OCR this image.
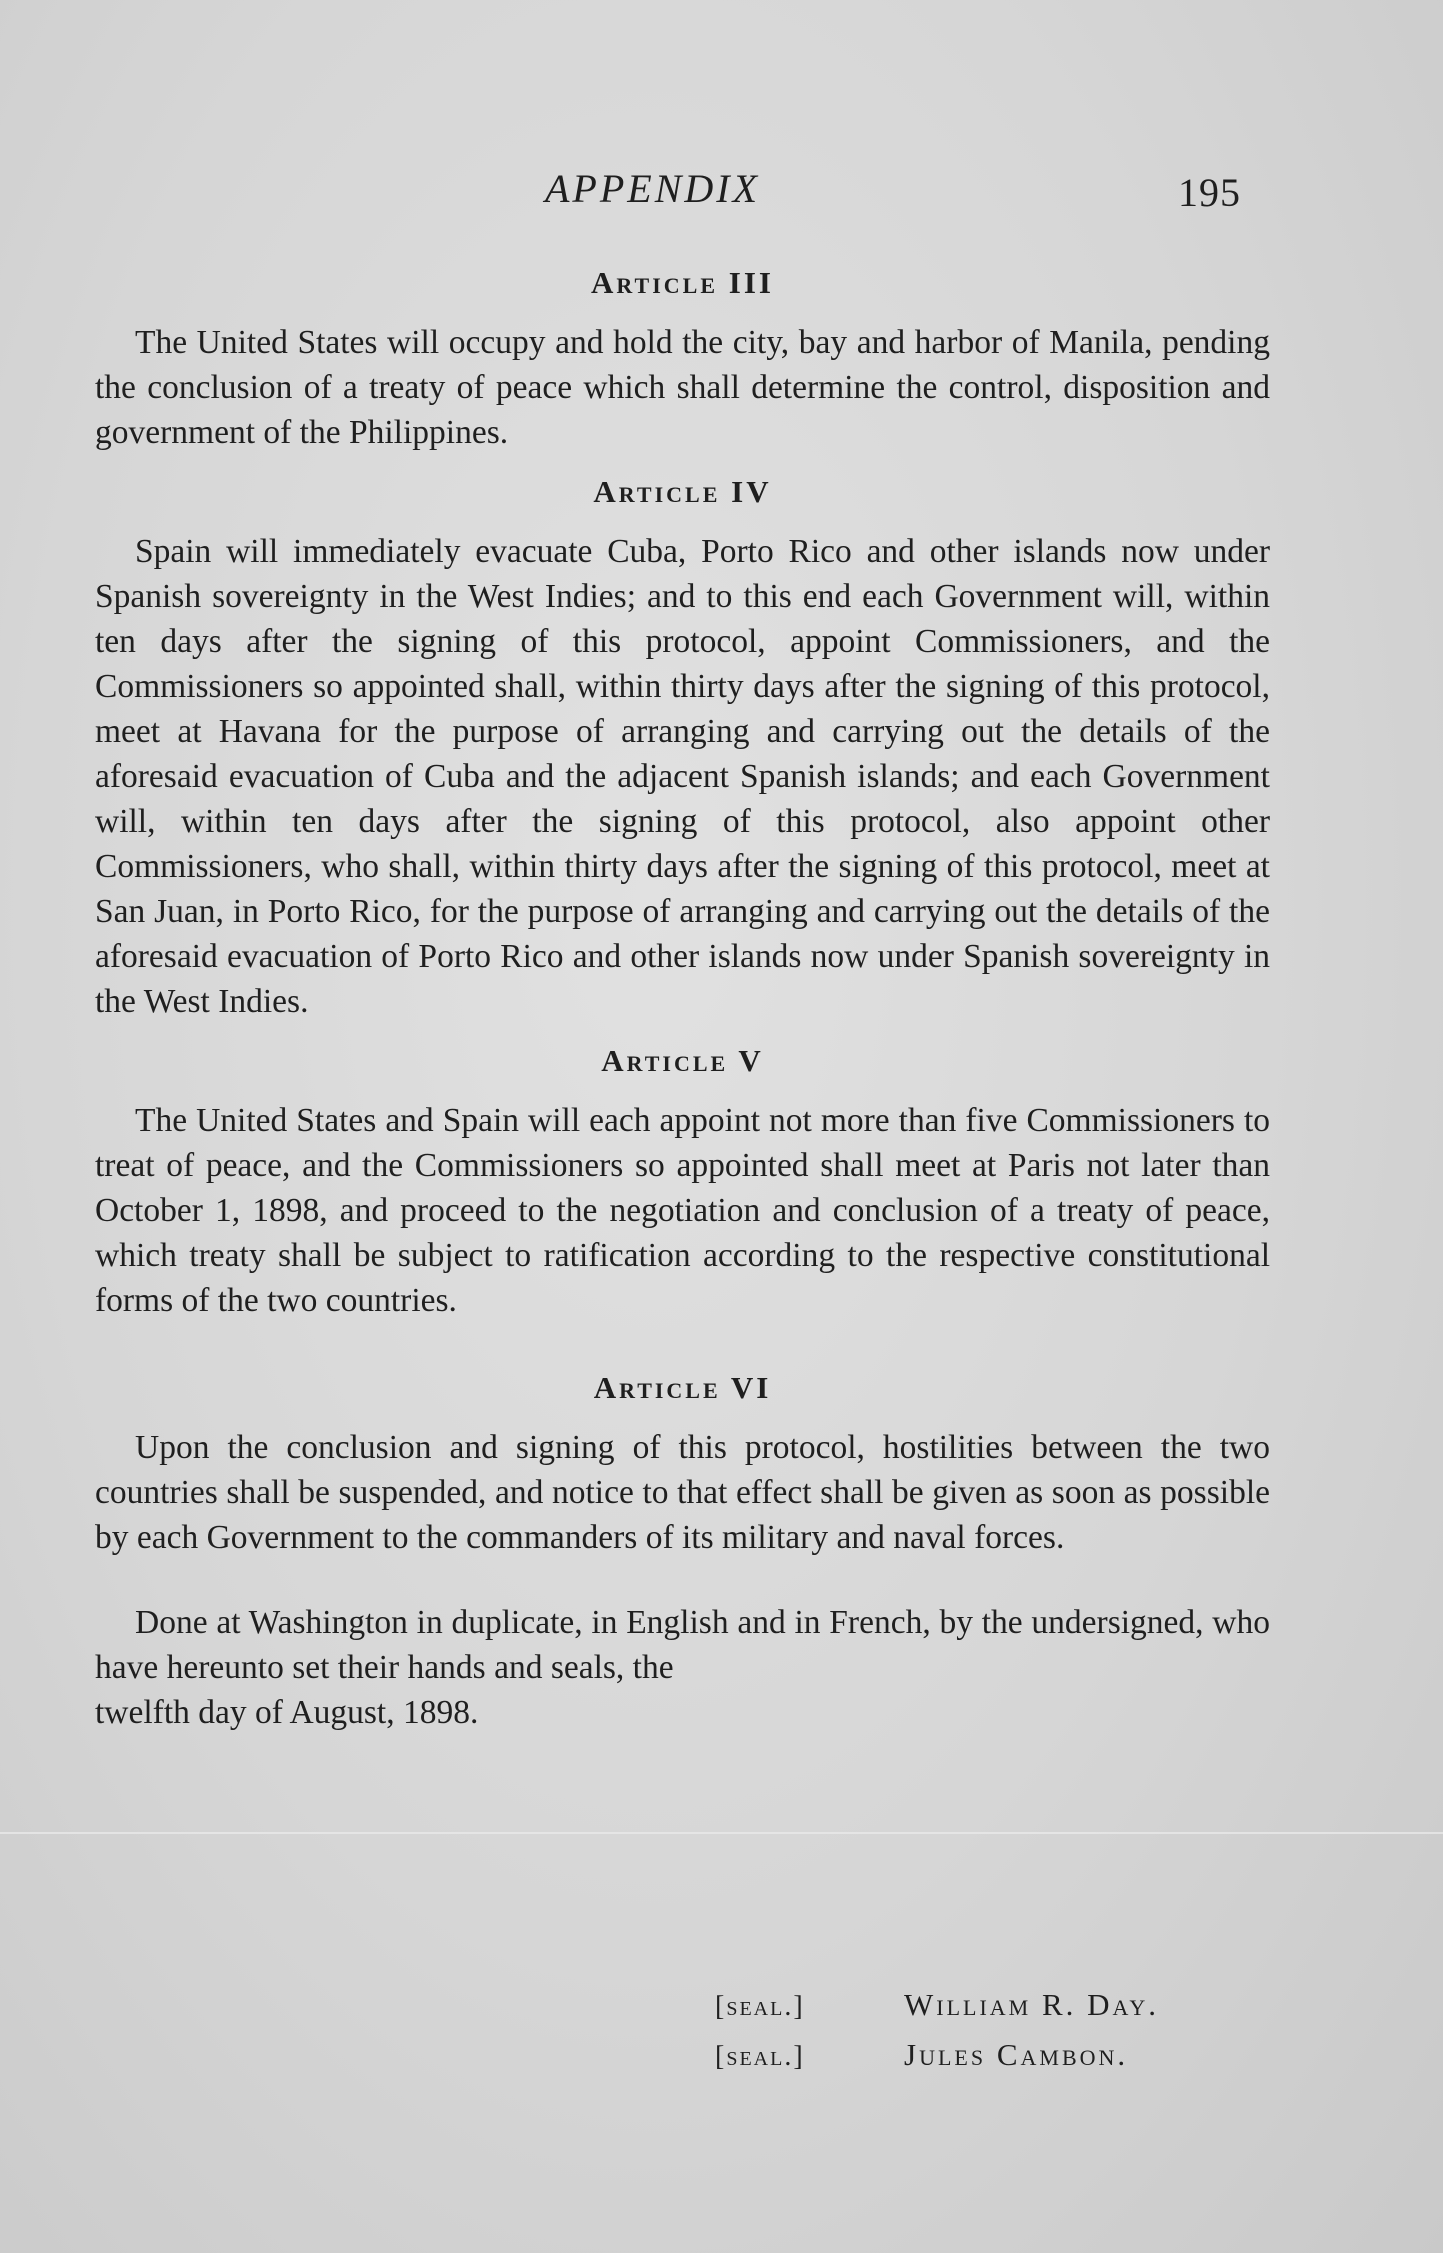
APPENDIX	195
Article III

The United States will occupy and hold the city, bay and harbor of Manila, pending the conclusion of a treaty of peace which shall determine the control, disposition and government of the Philippines.

Article IV

Spain will immediately evacuate Cuba, Porto Rico and other islands now under Spanish sovereignty in the West Indies; and to this end each Government will, within ten days after the signing of this protocol, appoint Commissioners, and the Commissioners so appointed shall, within thirty days after the signing of this protocol, meet at Havana for the purpose of arranging and carrying out the details of the aforesaid evacuation of Cuba and the adjacent Spanish islands; and each Government will, within ten days after the signing of this protocol, also appoint other Commissioners, who shall, within thirty days after the signing of this protocol, meet at San Juan, in Porto Rico, for the purpose of arranging and carrying out the details of the aforesaid evacuation of Porto Rico and other islands now under Spanish sovereignty in the West Indies.

Article V

The United States and Spain will each appoint not more than five Commissioners to treat of peace, and the Commissioners so appointed shall meet at Paris not later than October 1, 1898, and proceed to the negotiation and conclusion of a treaty of peace, which treaty shall be subject to ratification according to the respective constitutional forms of the two countries.

Article VI

Upon the conclusion and signing of this protocol, hostilities between the two countries shall be suspended, and notice to that effect shall be given as soon as possible by each Government to the commanders of its military and naval forces.

Done at Washington in duplicate, in English and in French, by the undersigned, who have hereunto set their hands and seals, the

twelfth day of August, 1898.

[seal.]	William R. Day.
[seal.]	Jules Cambon.
